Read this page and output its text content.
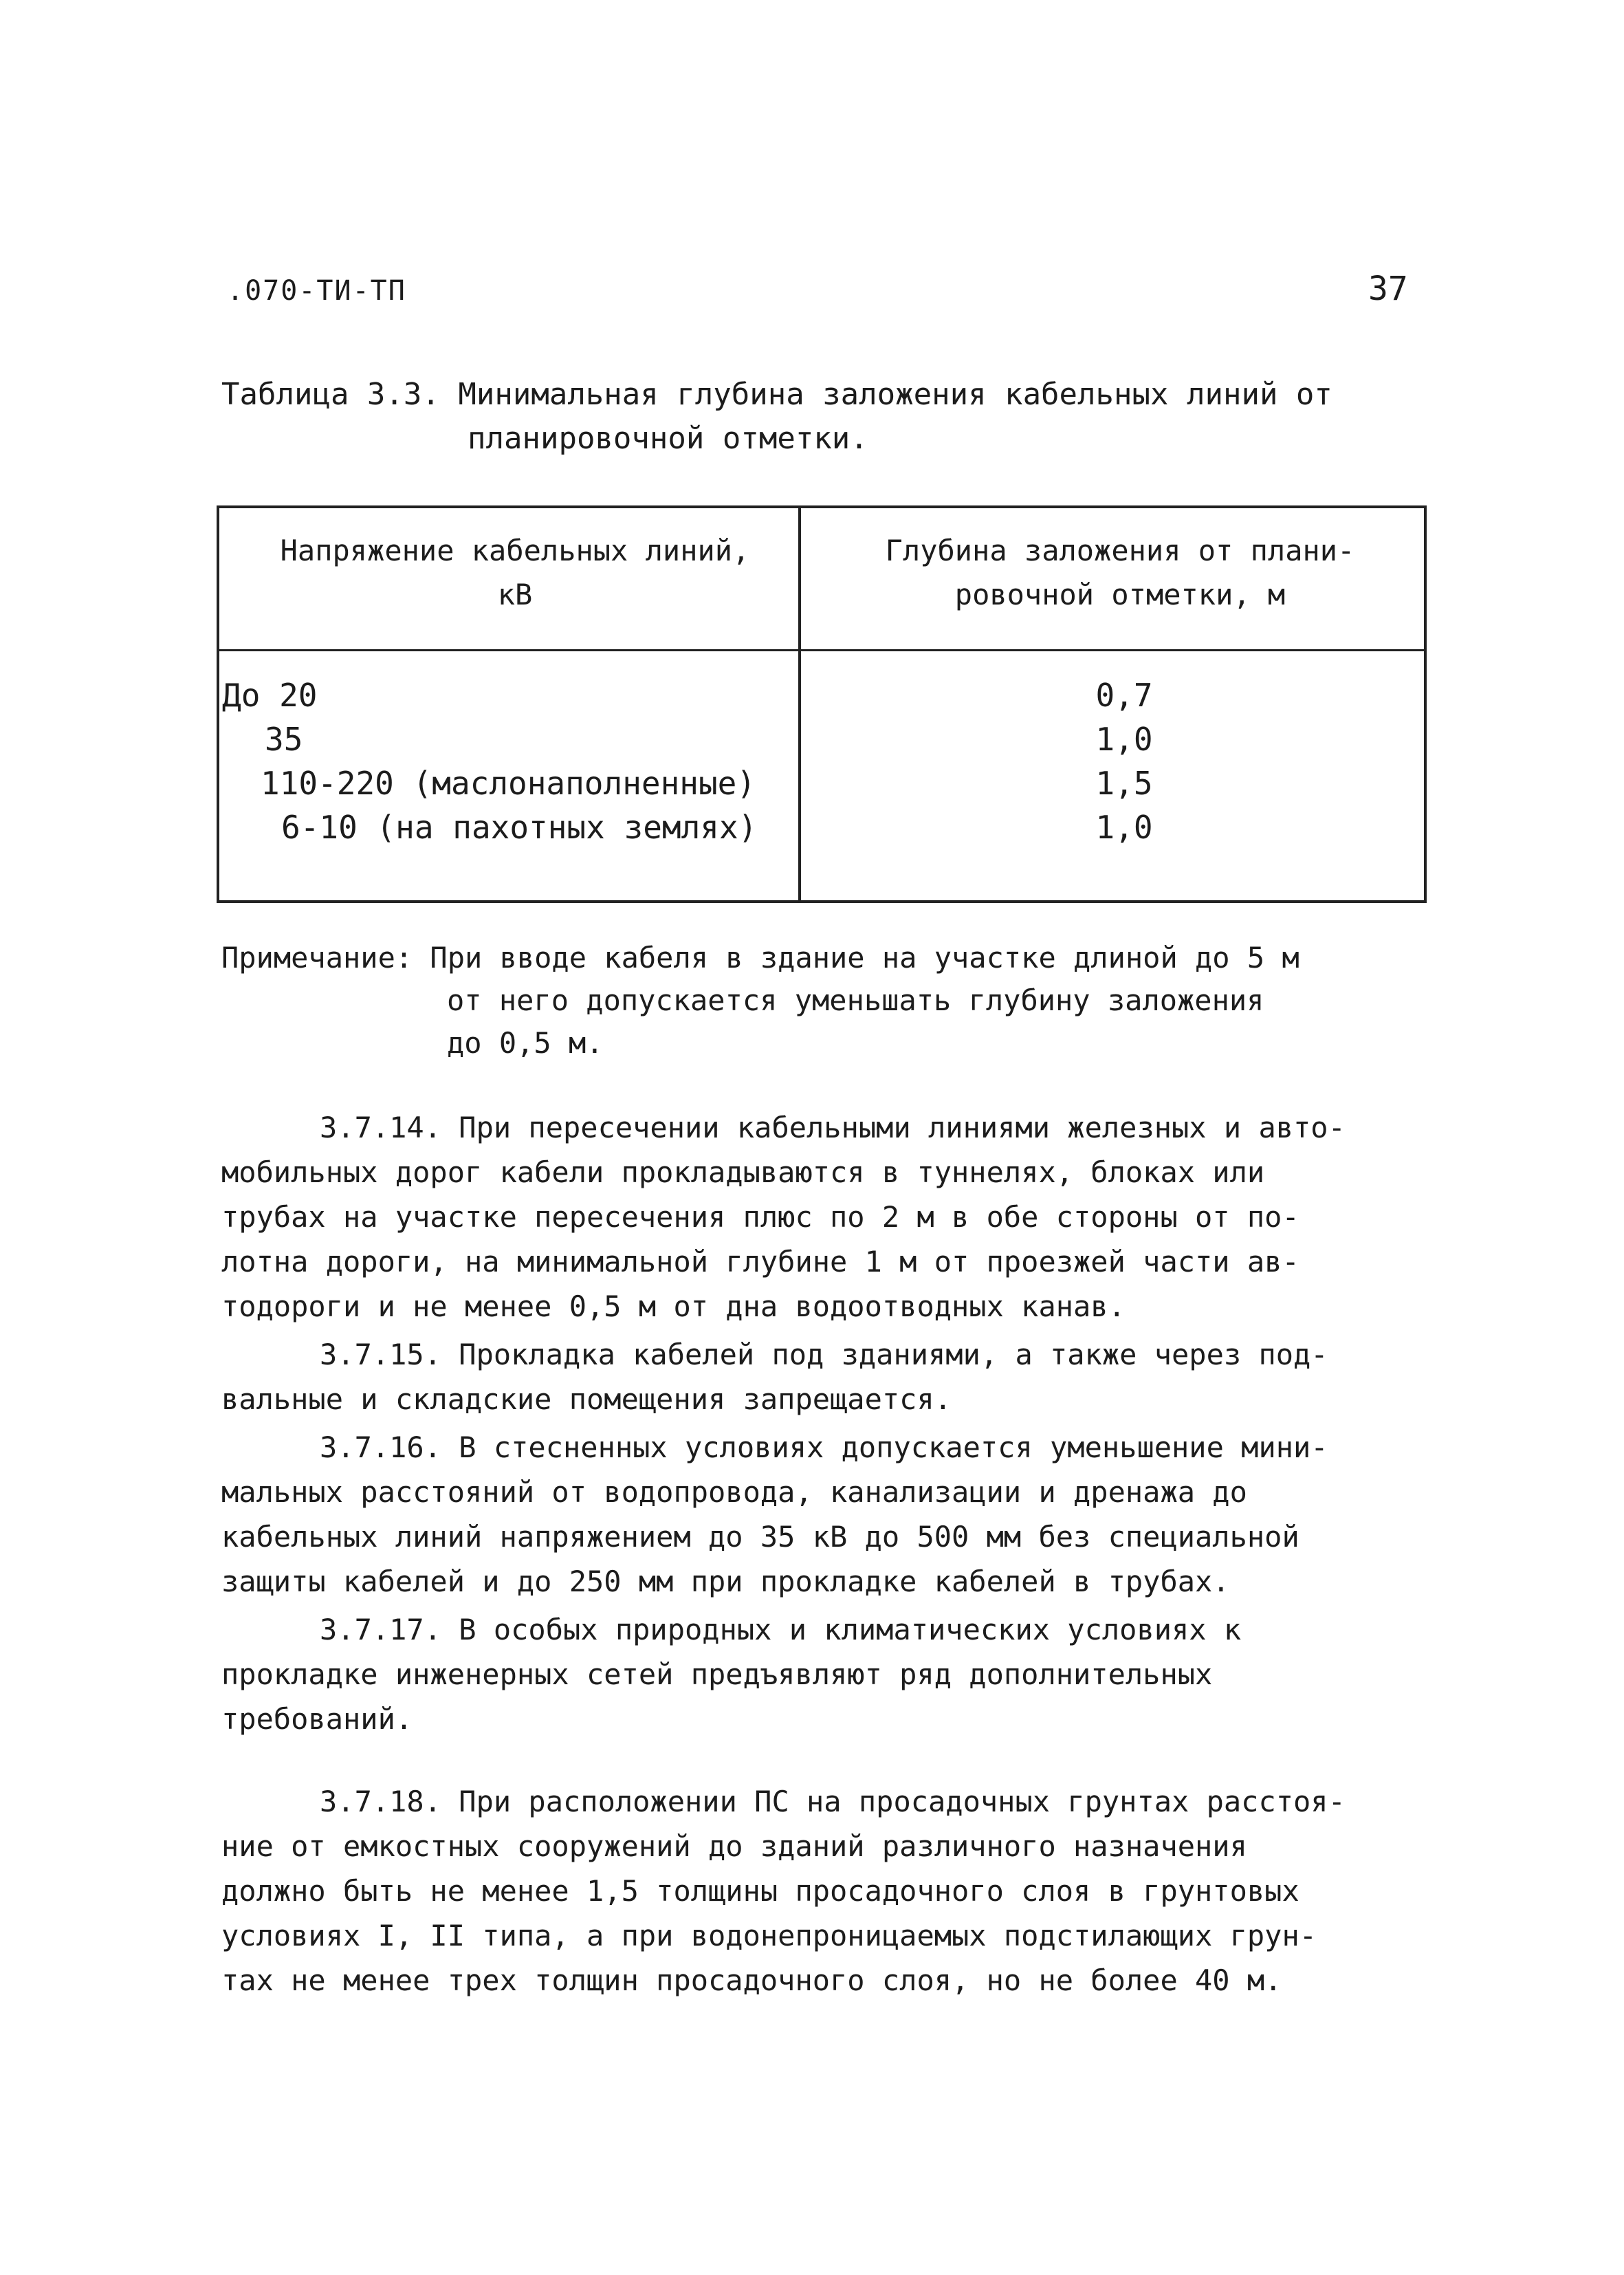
.070-ТИ-ТП	37
Таблица 3.3. Минимальная глубина заложения кабельных линий от
планировочной отметки.
Напряжение кабельных линий,
кВ
Глубина заложения от плани-
ровочной отметки, м
До 20
35
110-220 (маслонаполненные)
6-10 (на пахотных землях)
0,7
1,0
1,5
1,0
Примечание: При вводе кабеля в здание на участке длиной до 5 м
от него допускается уменьшать глубину заложения
до 0,5 м.
3.7.14. При пересечении кабельными линиями железных и авто-
мобильных дорог кабели прокладываются в туннелях, блоках или
трубах на участке пересечения плюс по 2 м в обе стороны от по-
лотна дороги, на минимальной глубине 1 м от проезжей части ав-
тодороги и не менее 0,5 м от дна водоотводных канав.
3.7.15. Прокладка кабелей под зданиями, а также через под-
вальные и складские помещения запрещается.
3.7.16. В стесненных условиях допускается уменьшение мини-
мальных расстояний от водопровода, канализации и дренажа до
кабельных линий напряжением до 35 кВ до 500 мм без специальной
защиты кабелей и до 250 мм при прокладке кабелей в трубах.
3.7.17. В особых природных и климатических условиях к
прокладке инженерных сетей предъявляют ряд дополнительных
требований.
3.7.18. При расположении ПС на просадочных грунтах расстоя-
ние от емкостных сооружений до зданий различного назначения
должно быть не менее 1,5 толщины просадочного слоя в грунтовых
условиях I, II типа, а при водонепроницаемых подстилающих грун-
тах не менее трех толщин просадочного слоя, но не более 40 м.
